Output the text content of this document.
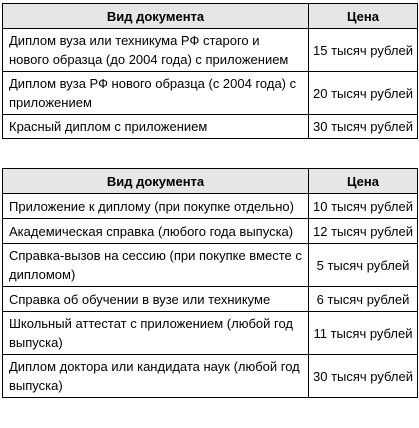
Вид документа	Цена
Диплом вуза или техникума РФ старого и нового образца (до 2004 года) с приложением	15 тысяч рублей
Диплом вуза РФ нового образца (с 2004 года) с приложением	20 тысяч рублей
Красный диплом с приложением	30 тысяч рублей
Вид документа	Цена
Приложение к диплому (при покупке отдельно)	10 тысяч рублей
Академическая справка (любого года выпуска)	12 тысяч рублей
Справка-вызов на сессию (при покупке вместе с дипломом)	5 тысяч рублей
Справка об обучении в вузе или техникуме	6 тысяч рублей
Школьный аттестат с приложением (любой год выпуска)	11 тысяч рублей
Диплом доктора или кандидата наук (любой год выпуска)	30 тысяч рублей
